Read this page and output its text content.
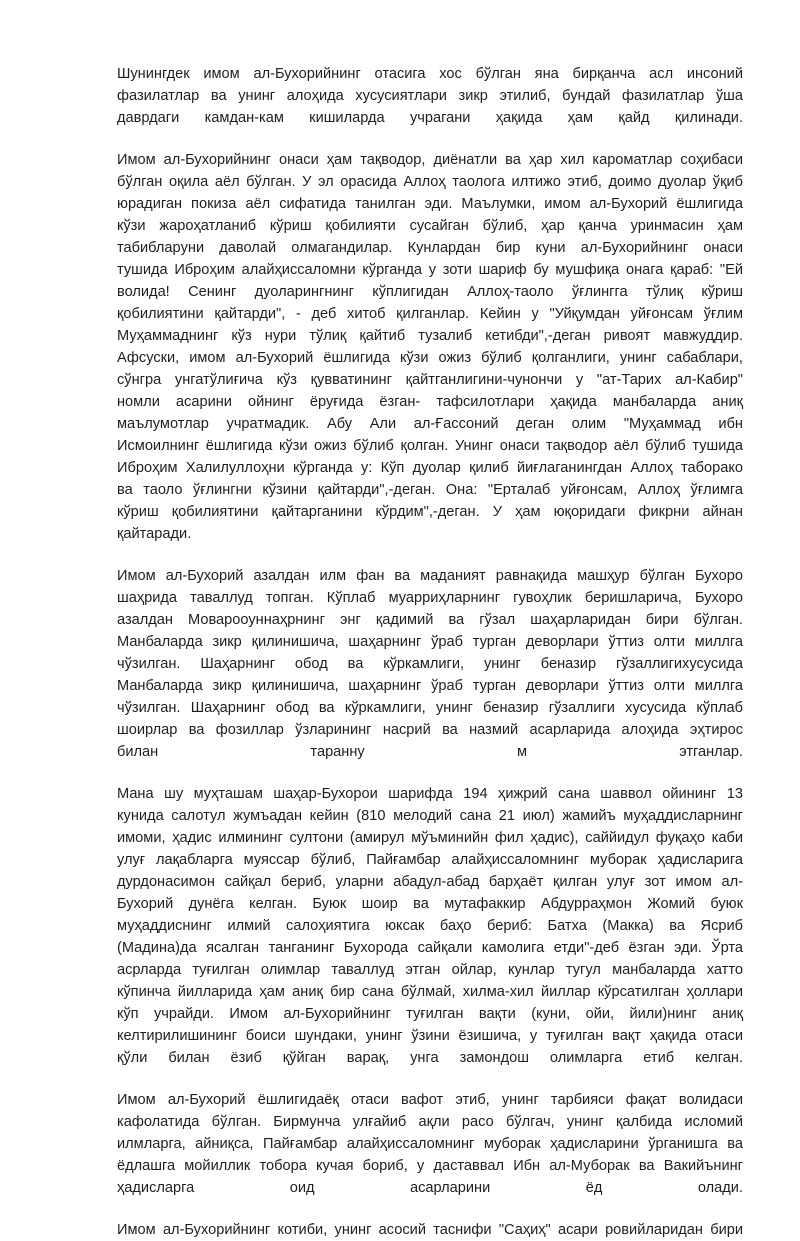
Шунингдек имом ал-Бухорийнинг отасига хос бўлган яна бирқанча асл инсоний
фазилатлар ва унинг алоҳида хусусиятлари зикр этилиб, бундай фазилатлар ўша
даврдаги камдан-кам кишиларда учрагани ҳақида ҳам қайд қилинади.

Имом ал-Бухорийнинг онаси ҳам тақводор, диёнатли ва ҳар хил кароматлар соҳибаси
бўлган оқила аёл бўлган. У эл орасида Аллоҳ таологa илтижо этиб, доимо дуолар ўқиб
юрадиган покиза аёл сифатида танилган эди. Маълумки, имом ал-Бухорий ёшлигида
кўзи жароҳатланиб кўриш қобилияти сусайган бўлиб, ҳар қанча уринмасин ҳам
табиблаpуни даволай олмагандилар. Кунлардан бир куни ал-Бухорийнинг онаси
тушида Иброҳим алайҳиссаломни кўрганда у зоти шариф бу мушфиқа онага қараб: "Ей
волида! Сенинг дуоларингнинг кўплигидан Аллоҳ-таоло ўғлингга тўлиқ кўриш
қобилиятини қайтарди", - деб хитоб қилганлар. Кейин у "Уйқумдан уйғонсам ўғлим
Муҳаммаднинг кўз нури тўлиқ қайтиб тузалиб кетибди",-деган ривоят мавжуддир.
Афсуски, имом ал-Бухорий ёшлигида кўзи ожиз бўлиб қолганлиги, унинг сабаблари,
сўнгра унгатўлиғича кўз қувватининг қайтганлигини-чунончи у "ат-Тарих ал-Кабир"
номли асарини ойнинг ёруғида ёзган- тафсилотлари ҳақида манбаларда аниқ
маълумотлар учратмадик. Абу Али ал-Ғассоний деган олим "Муҳаммад ибн
Исмоилнинг ёшлигида кўзи ожиз бўлиб қолган. Унинг онаси тақводор аёл бўлиб тушида
Иброҳим Халилуллоҳни кўрганда у: Кўп дуолар қилиб йиғлаганингдан Аллоҳ таборако
ва таоло ўғлингни кўзини қайтарди",-деган. Она: "Ерталаб уйғонсам, Аллоҳ ўғлимга
кўриш қобилиятини қайтарганини кўрдим",-деган. У ҳам юқоридаги фикрни айнан
қайтаради.

Имом ал-Бухорий азалдан илм фан ва маданият равнақида машҳур бўлган Бухоро
шаҳрида таваллуд топган. Кўплаб муарриҳларнинг гувоҳлик беришларича, Бухоро
азалдан Моварооуннаҳрнинг энг қадимий ва гўзал шаҳарларидан бири бўлган.
Манбаларда зикр қилинишича, шаҳарнинг ўраб турган деворлари ўттиз олти миллга
чўзилган. Шаҳарнинг обод ва кўркамлиги, унинг беназир гўзаллигихусусида
Манбаларда зикр қилинишича, шаҳарнинг ўраб турган деворлари ўттиз олти миллга
чўзилган. Шаҳарнинг обод ва кўркамлиги, унинг беназир гўзаллиги хусусида кўплаб
шоирлар ва фозиллар ўзларининг насрий ва назмий асарларида алоҳида эҳтирос
билан таранну м этганлар.

Мана шу муҳташам шаҳар-Бухорои шарифда 194 ҳижрий сана шаввол ойининг 13
кунида салотул жумъадан кейин (810 мелодий сана 21 июл) жамийъ муҳаддисларнинг
имоми, ҳадис илмининг султони (амирул мўъминийн фил ҳадис), саййидул фуқаҳо каби
улуғ лақабларга муяссар бўлиб, Пайғамбар алайҳиссаломнинг муборак ҳадисларига
дурдонасимон сайқал бериб, уларни абадул-абад барҳаёт қилган улуғ зот имом ал-
Бухорий дунёга келган. Буюк шоир ва мутафаккир Абдурраҳмон Жомий буюк
муҳаддиснинг илмий салоҳиятига юксак баҳо бериб: Батха (Макка) ва Ясриб
(Мадина)да ясалган тангaнинг Бухорода сайқали камолига етди"-деб ёзган эди. Ўрта
асрларда туғилган олимлар таваллуд этган ойлар, кунлар тугул манбаларда хатто
кўпинча йилларида ҳам аниқ бир сана бўлмай, хилма-хил йиллар кўрсатилган ҳоллари
кўп учрайди. Имом ал-Бухорийнинг туғилган вақти (куни, ойи, йили)нинг аниқ
келтирилишининг боиси шундаки, унинг ўзини ёзишича, у туғилган вақт ҳақида отаси
қўли билан ёзиб қўйган варақ, унга замондош олимларга етиб келган.

Имом ал-Бухорий ёшлигидаёқ отаси вафот этиб, унинг тарбияси фақат волидаси
кафолатида бўлган. Бирмунча улғайиб ақли расо бўлгач, унинг қалбида исломий
илмларга, айниқса, Пайғамбар алайҳиссаломнинг муборак ҳадисларини ўрганишга ва
ёдлашга мойиллик тобора кучая бориб, у даставвал Ибн ал-Муборак ва Вакийънинг
ҳадисларга оид асарларини ёд олади.

Имом ал-Бухорийнинг котиби, унинг асосий таснифи "Саҳиҳ" асари ровийларидан бири
